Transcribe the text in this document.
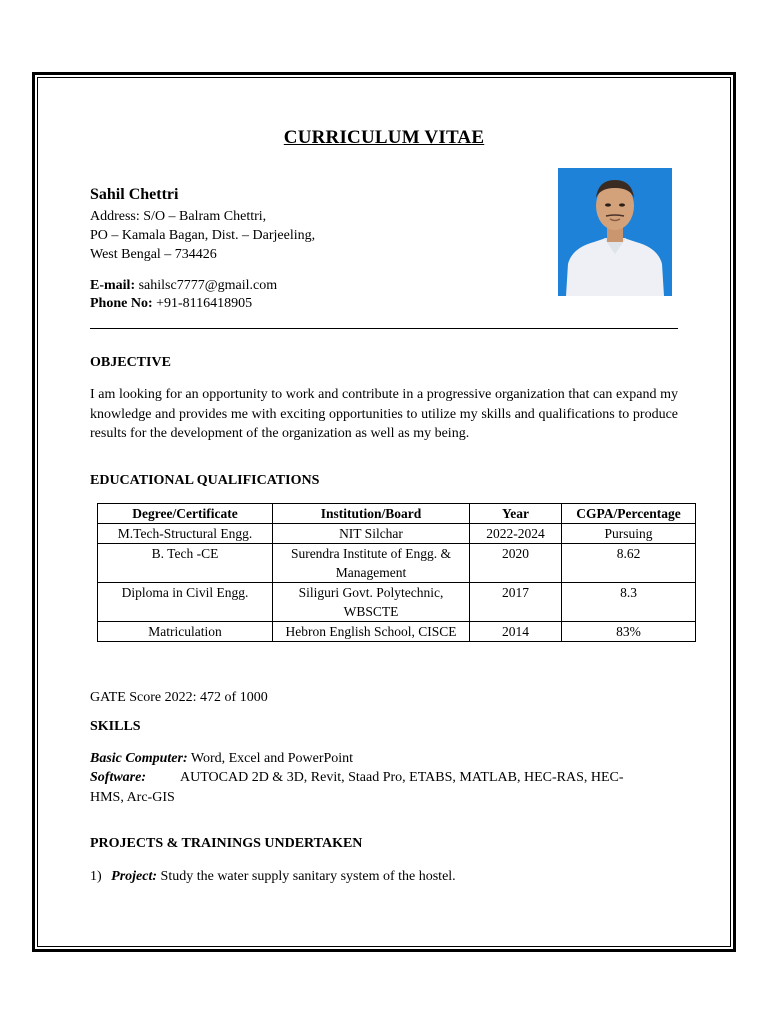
CURRICULUM VITAE
Sahil Chettri
Address: S/O – Balram Chettri,
PO – Kamala Bagan, Dist. – Darjeeling,
West Bengal – 734426
E-mail: sahilsc7777@gmail.com
Phone No: +91-8116418905
OBJECTIVE
I am looking for an opportunity to work and contribute in a progressive organization that can expand my knowledge and provides me with exciting opportunities to utilize my skills and qualifications to produce results for the development of the organization as well as my being.
EDUCATIONAL QUALIFICATIONS
Degree/Certificate	Institution/Board	Year	CGPA/Percentage
M.Tech-Structural Engg.	NIT Silchar	2022-2024	Pursuing
B. Tech -CE	Surendra Institute of Engg. & Management	2020	8.62
Diploma in Civil Engg.	Siliguri Govt. Polytechnic, WBSCTE	2017	8.3
Matriculation	Hebron English School, CISCE	2014	83%
GATE Score 2022: 472 of 1000
SKILLS
Basic Computer: Word, Excel and PowerPoint
Software: AUTOCAD 2D & 3D, Revit, Staad Pro, ETABS, MATLAB, HEC-RAS, HEC-
HMS, Arc-GIS
PROJECTS & TRAININGS UNDERTAKEN
1) Project: Study the water supply sanitary system of the hostel.
